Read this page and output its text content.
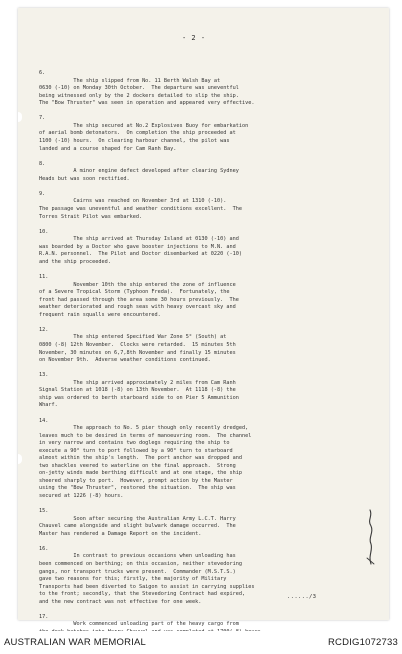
- 2 -
6.
The ship slipped from No. 11 Berth Walsh Bay at
0630 (-10) on Monday 30th October.  The departure was uneventful
being witnessed only by the 2 dockers detailed to slip the ship.
The "Bow Thruster" was seen in operation and appeared very effective.
7.
The ship secured at No.2 Explosives Buoy for embarkation
of aerial bomb detonators.  On completion the ship proceeded at
1100 (-10) hours.  On clearing harbour channel, the pilot was
landed and a course shaped for Cam Ranh Bay.
8.
A minor engine defect developed after clearing Sydney
Heads but was soon rectified.
9.
Cairns was reached on November 3rd at 1310 (-10).
The passage was uneventful and weather conditions excellent.  The
Torres Strait Pilot was embarked.
10.
The ship arrived at Thursday Island at 0130 (-10) and
was boarded by a Doctor who gave booster injections to M.N. and
R.A.N. personnel.  The Pilot and Doctor disembarked at 0220 (-10)
and the ship proceeded.
11.
November 10th the ship entered the zone of influence
of a Severe Tropical Storm (Typhoon Freda).  Fortunately, the
front had passed through the area some 30 hours previously.  The
weather deteriorated and rough seas with heavy overcast sky and
frequent rain squalls were encountered.
12.
The ship entered Specified War Zone 5° (South) at
0800 (-8) 12th November.  Clocks were retarded.  15 minutes 5th
November, 30 minutes on 6,7,8th November and finally 15 minutes
on November 9th.  Adverse weather conditions continued.
13.
The ship arrived approximately 2 miles from Cam Ranh
Signal Station at 1018 (-8) on 13th November.  At 1118 (-8) the
ship was ordered to berth starboard side to on Pier 5 Ammunition
Wharf.
14.
The approach to No. 5 pier though only recently dredged,
leaves much to be desired in terms of manoeuvring room.  The channel
in very narrow and contains two doglegs requiring the ship to
execute a 90° turn to port followed by a 90° turn to starboard
almost within the ship's length.  The port anchor was dropped and
two shackles veered to waterline on the final approach.  Strong
on-jetty winds made berthing difficult and at one stage, the ship
sheered sharply to port.  However, prompt action by the Master
using the "Bow Thruster", restored the situation.  The ship was
secured at 1226 (-8) hours.
15.
Soon after securing the Australian Army L.C.T. Harry
Chauvel came alongside and slight bulwark damage occurred.  The
Master has rendered a Damage Report on the incident.
16.
In contrast to previous occasions when unloading has
been commenced on berthing; on this occasion, neither stevedoring
gangs, nor transport trucks were present.  Commander (M.S.T.S.)
gave two reasons for this; firstly, the majority of Military
Transports had been diverted to Saigon to assist in carrying supplies
to the front; secondly, that the Stevedoring Contract had expired,
and the new contract was not effective for one week.
17.
Work commenced unloading part of the heavy cargo from
....../3
AUSTRALIAN WAR MEMORIAL	RCDIG1072733
